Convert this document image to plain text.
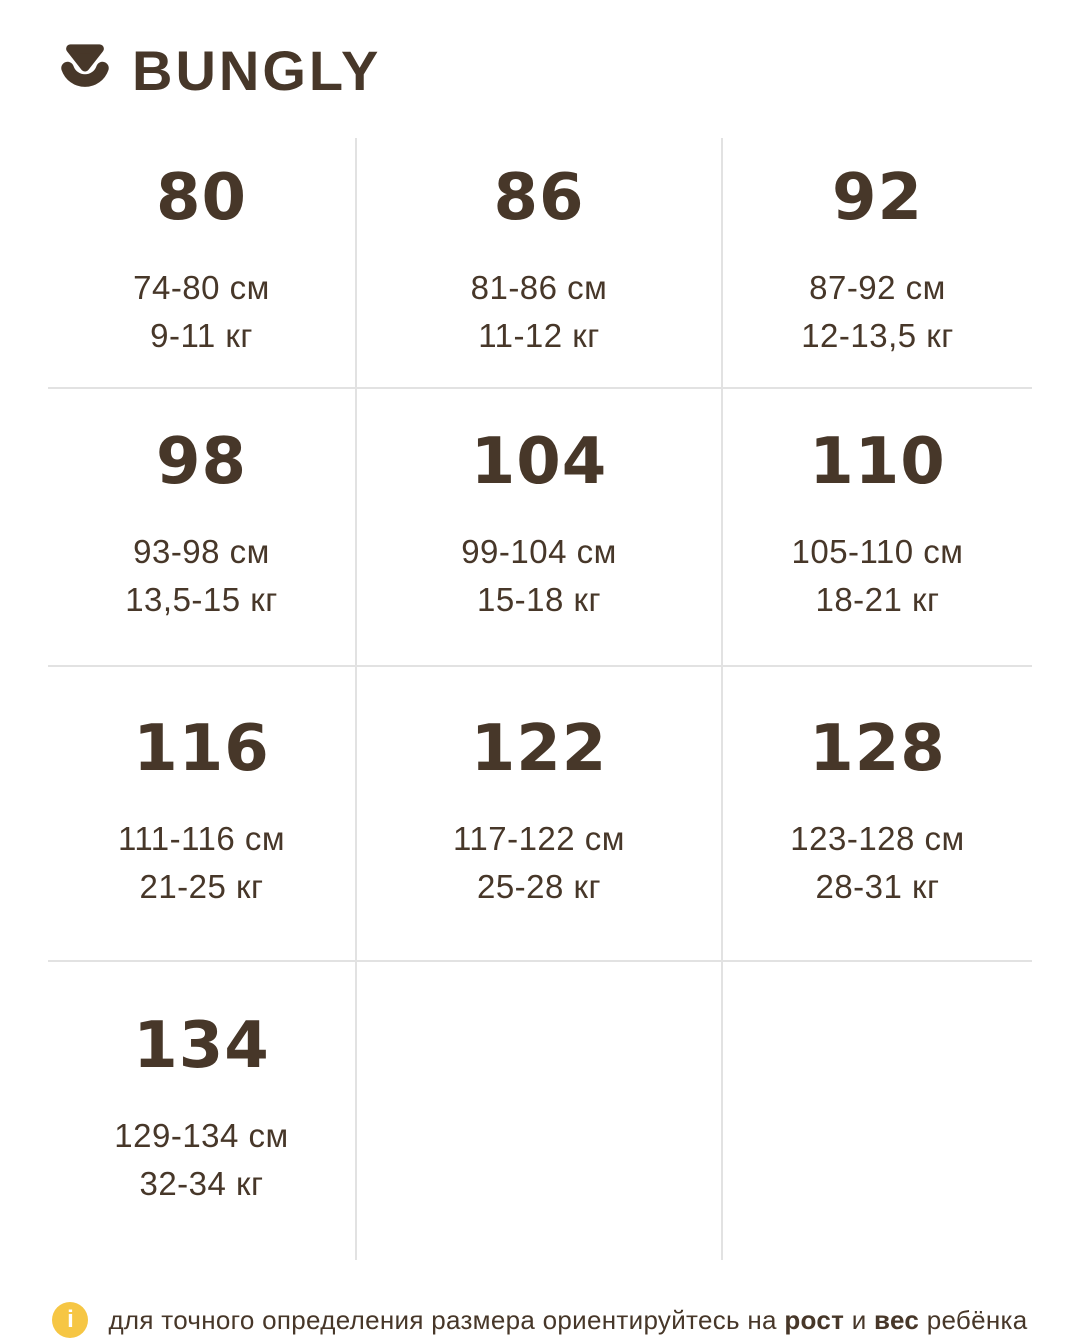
BUNGLY
80
74-80 см
9-11 кг
86
81-86 см
11-12 кг
92
87-92 см
12-13,5 кг
98
93-98 см
13,5-15 кг
104
99-104 см
15-18 кг
110
105-110 см
18-21 кг
116
111-116 см
21-25 кг
122
117-122 см
25-28 кг
128
123-128 см
28-31 кг
134
129-134 см
32-34 кг
i	для точного определения размера ориентируйтесь на рост и вес ребёнка
